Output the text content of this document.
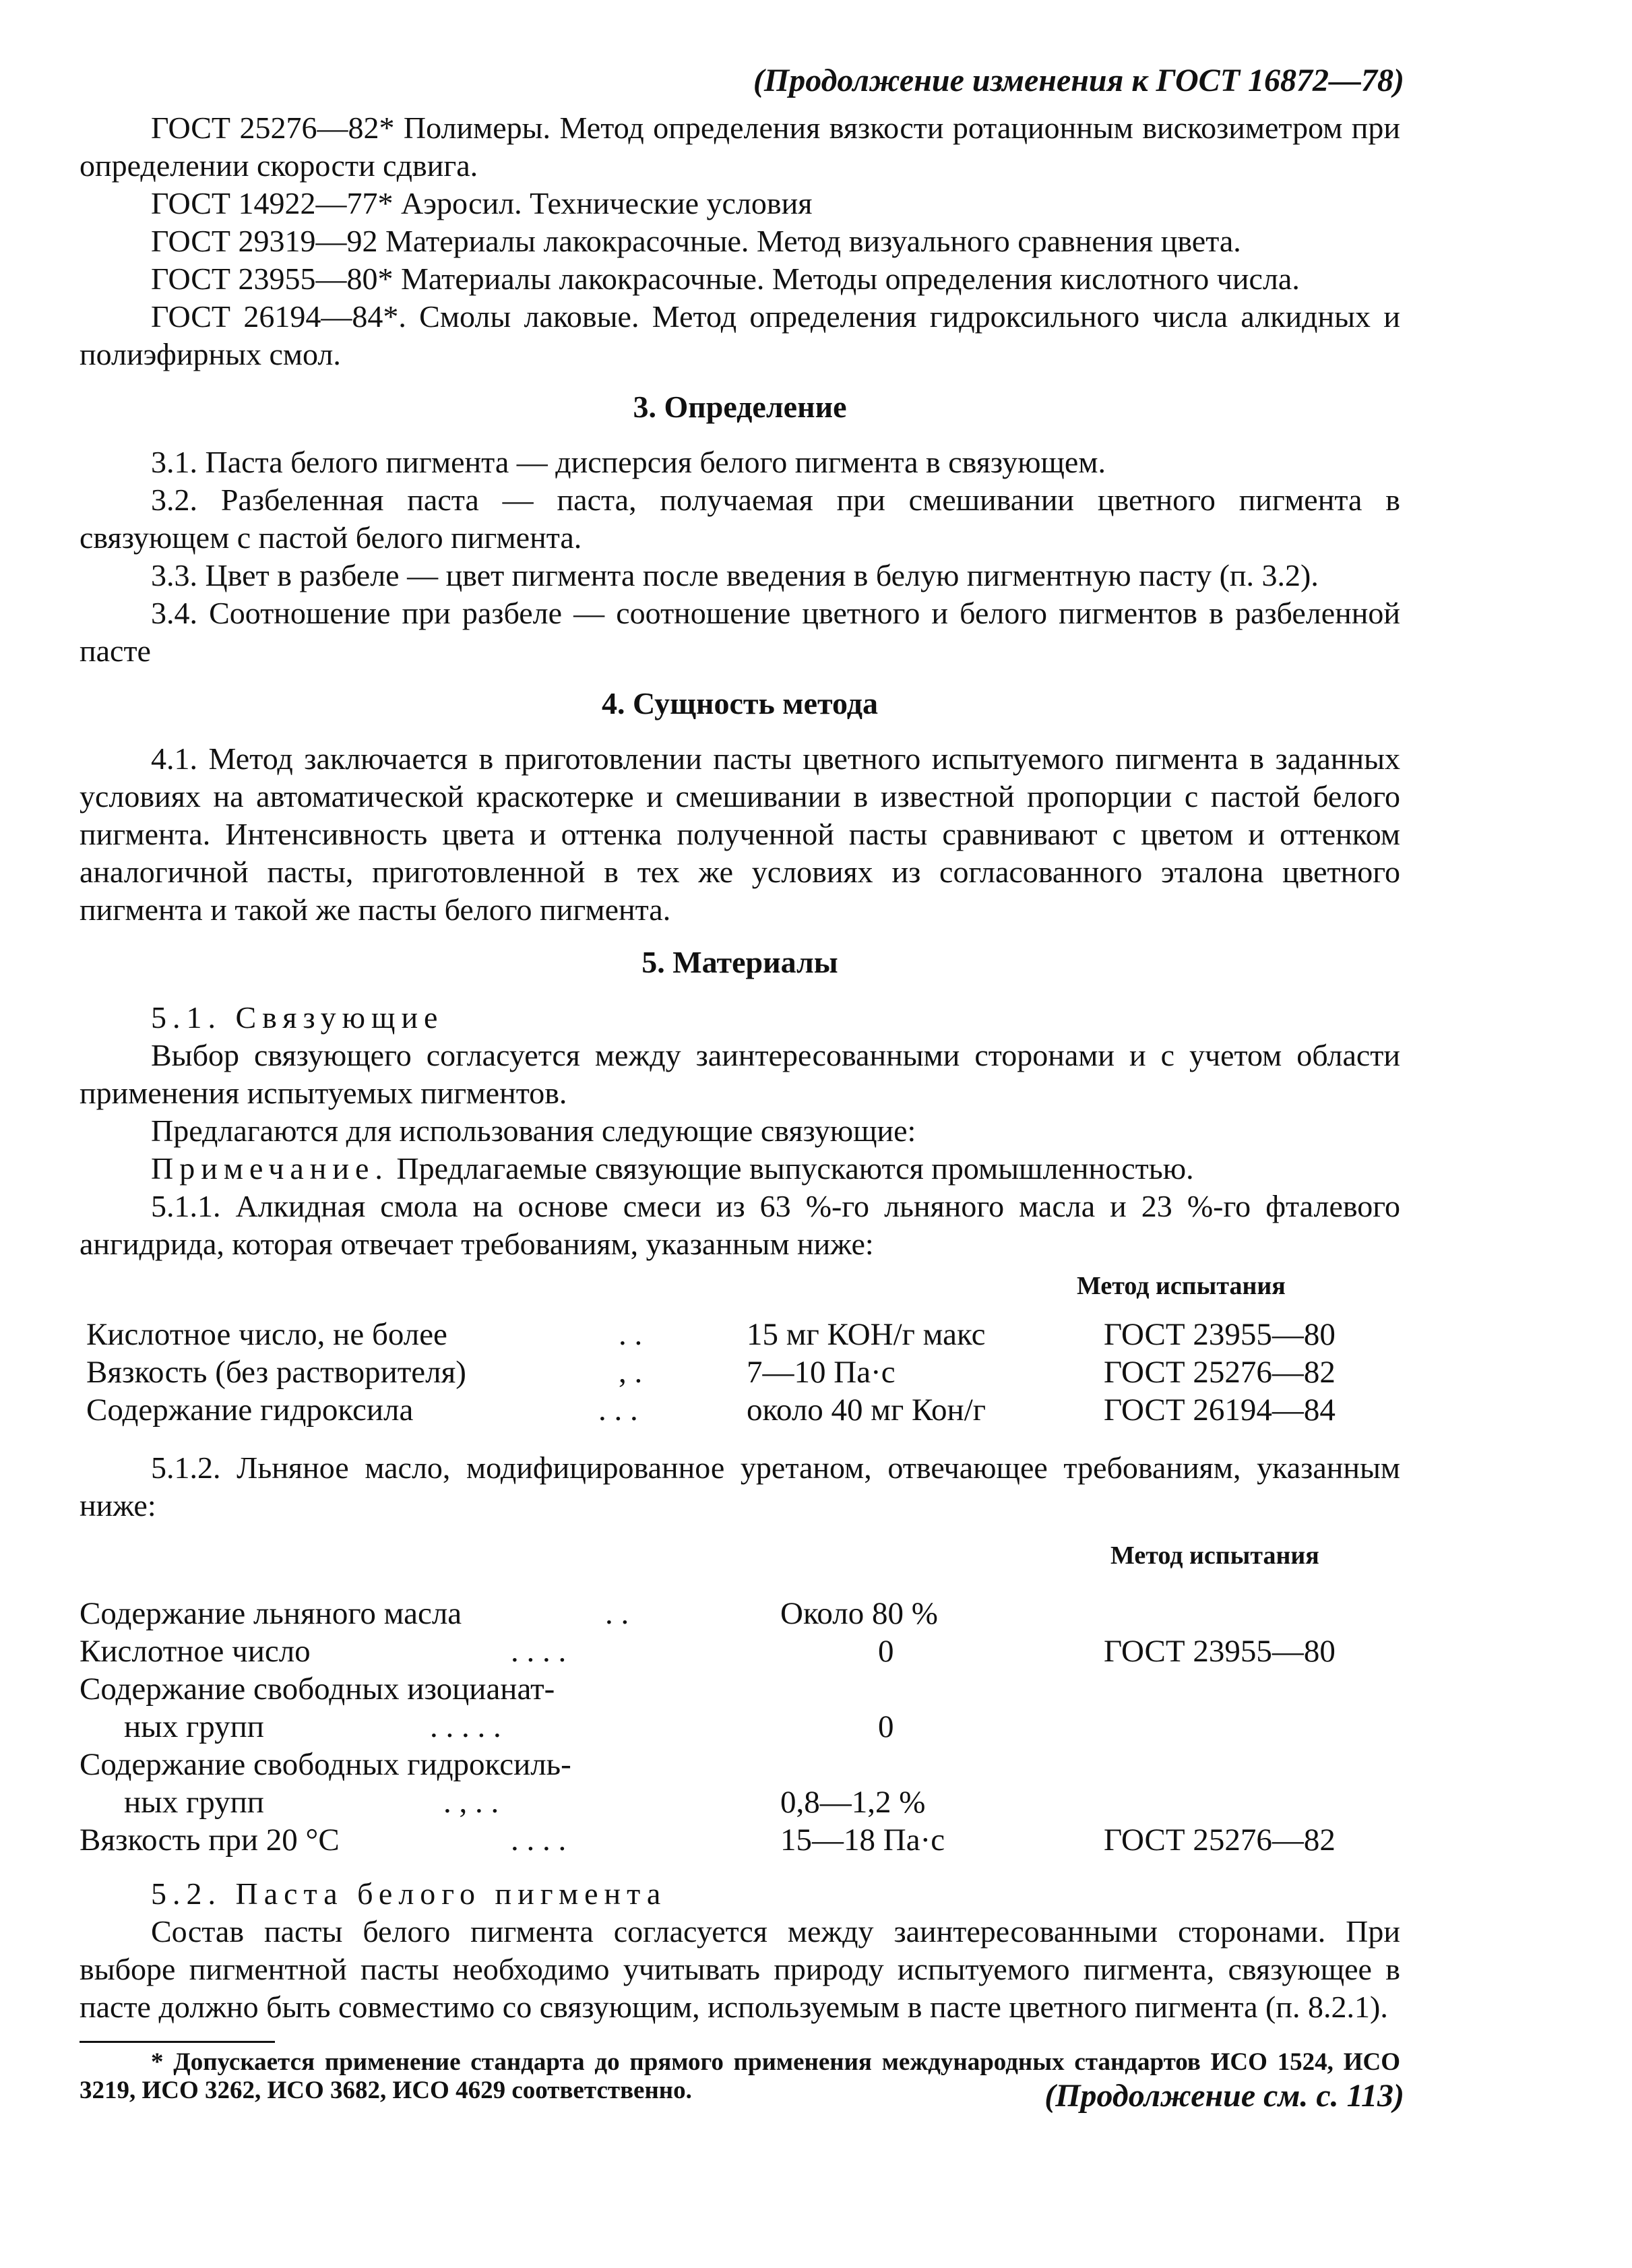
(Продолжение изменения к ГОСТ 16872—78)

ГОСТ 25276—82* Полимеры. Метод определения вязкости ротационным вискозиметром при определении скорости сдвига.

ГОСТ 14922—77* Аэросил. Технические условия

ГОСТ 29319—92 Материалы лакокрасочные. Метод визуального сравнения цвета.

ГОСТ 23955—80* Материалы лакокрасочные. Методы определения кислотного числа.

ГОСТ 26194—84*. Смолы лаковые. Метод определения гидроксильного числа алкидных и полиэфирных смол.

3. Определение

3.1. Паста белого пигмента — дисперсия белого пигмента в связующем.

3.2. Разбеленная паста — паста, получаемая при смешивании цветного пигмента в связующем с пастой белого пигмента.

3.3. Цвет в разбеле — цвет пигмента после введения в белую пигментную пасту (п. 3.2).

3.4. Соотношение при разбеле — соотношение цветного и белого пигментов в разбеленной пасте

4. Сущность метода

4.1. Метод заключается в приготовлении пасты цветного испытуемого пигмента в заданных условиях на автоматической краскотерке и смешивании в известной пропорции с пастой белого пигмента. Интенсивность цвета и оттенка полученной пасты сравнивают с цветом и оттенком аналогичной пасты, приготовленной в тех же условиях из согласованного эталона цветного пигмента и такой же пасты белого пигмента.

5. Материалы

5.1. Связующие

Выбор связующего согласуется между заинтересованными сторонами и с учетом области применения испытуемых пигментов.

Предлагаются для использования следующие связующие:

Примечание. Предлагаемые связующие выпускаются промышленностью.

5.1.1. Алкидная смола на основе смеси из 63 %-го льняного масла и 23 %-го фталевого ангидрида, которая отвечает требованиям, указанным ниже:

Метод испытания
Кислотное число, не более	. .	15 мг КОН/г макс	ГОСТ 23955—80
Вязкость (без растворителя)	, .	7—10 Па·с	ГОСТ 25276—82
Содержание гидроксила	. . .	около 40 мг Кон/г	ГОСТ 26194—84

5.1.2. Льняное масло, модифицированное уретаном, отвечающее требованиям, указанным ниже:

Метод испытания
Содержание льняного масла	. .	Около 80 %
Кислотное число	. . . .	0	ГОСТ 23955—80
Содержание свободных изоцианат-
ных групп	. . . . .	0
Содержание свободных гидроксиль-
ных групп	. , . .	0,8—1,2 %
Вязкость при 20 °С	. . . .	15—18 Па·с	ГОСТ 25276—82

5.2. Паста белого пигмента

Состав пасты белого пигмента согласуется между заинтересованными сторонами. При выборе пигментной пасты необходимо учитывать природу испытуемого пигмента, связующее в пасте должно быть совместимо со связующим, используемым в пасте цветного пигмента (п. 8.2.1).

* Допускается применение стандарта до прямого применения международных стандартов ИСО 1524, ИСО 3219, ИСО 3262, ИСО 3682, ИСО 4629 соответственно.	(Продолжение см. с. 113)
